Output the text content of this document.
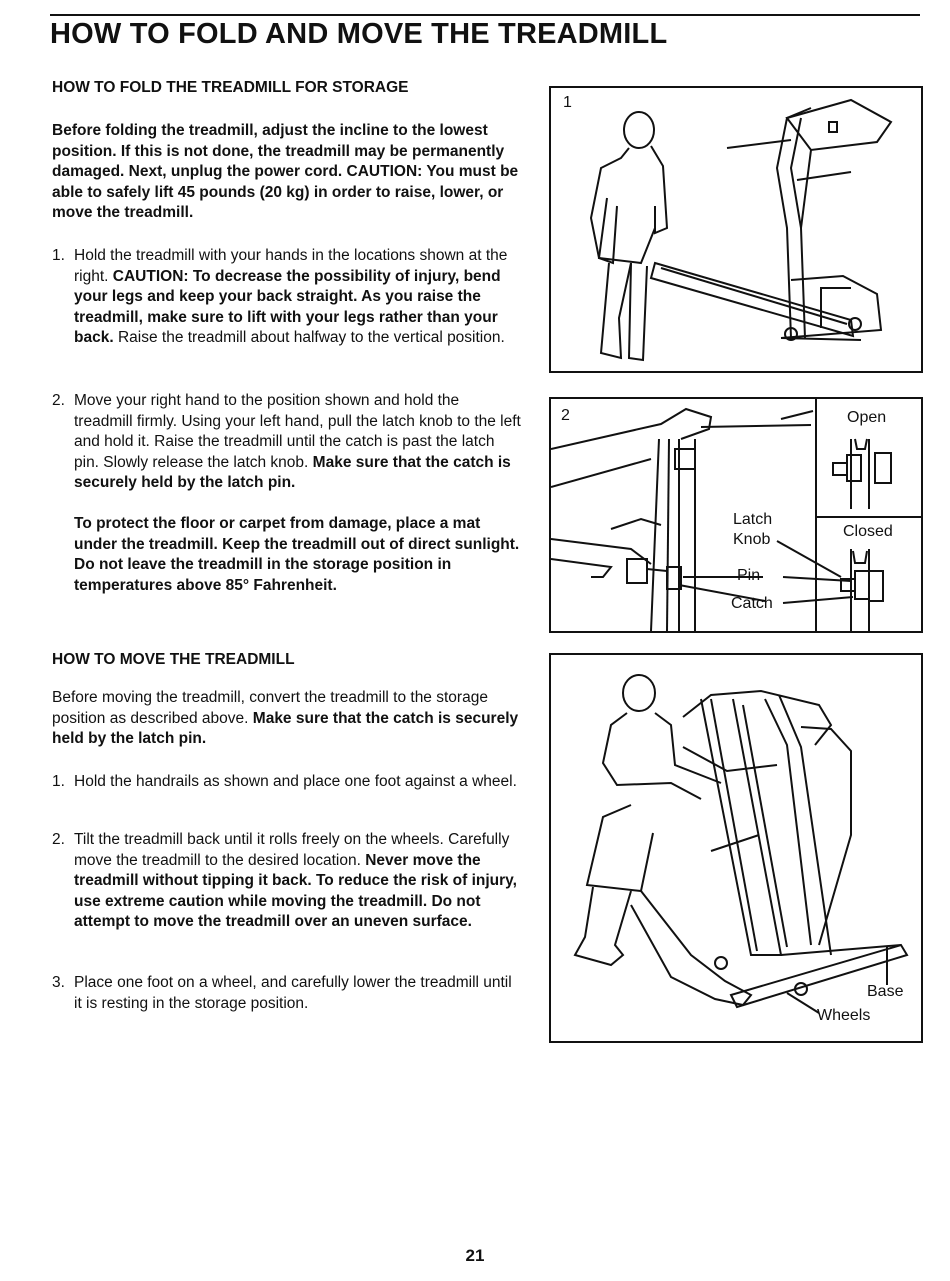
HOW TO FOLD AND MOVE THE TREADMILL

HOW TO FOLD THE TREADMILL FOR STORAGE

Before folding the treadmill, adjust the incline to the lowest position. If this is not done, the treadmill may be permanently damaged. Next, unplug the power cord. CAUTION: You must be able to safely lift 45 pounds (20 kg) in order to raise, lower, or move the treadmill.

1. Hold the treadmill with your hands in the locations shown at the right. CAUTION: To decrease the possibility of injury, bend your legs and keep your back straight. As you raise the treadmill, make sure to lift with your legs rather than your back. Raise the treadmill about halfway to the vertical position.
2. Move your right hand to the position shown and hold the treadmill firmly. Using your left hand, pull the latch knob to the left and hold it. Raise the treadmill until the catch is past the latch pin. Slowly release the latch knob. Make sure that the catch is securely held by the latch pin.

To protect the floor or carpet from damage, place a mat under the treadmill. Keep the treadmill out of direct sunlight. Do not leave the treadmill in the storage position in temperatures above 85° Fahrenheit.

HOW TO MOVE THE TREADMILL

Before moving the treadmill, convert the treadmill to the storage position as described above. Make sure that the catch is securely held by the latch pin.

1. Hold the handrails as shown and place one foot against a wheel.
2. Tilt the treadmill back until it rolls freely on the wheels. Carefully move the treadmill to the desired location. Never move the treadmill without tipping it back. To reduce the risk of injury, use extreme caution while moving the treadmill. Do not attempt to move the treadmill over an uneven surface.
3. Place one foot on a wheel, and carefully lower the treadmill until it is resting in the storage position.
1
2	Open
Closed
Latch
Knob
Pin
Catch
Base
Wheels
21
